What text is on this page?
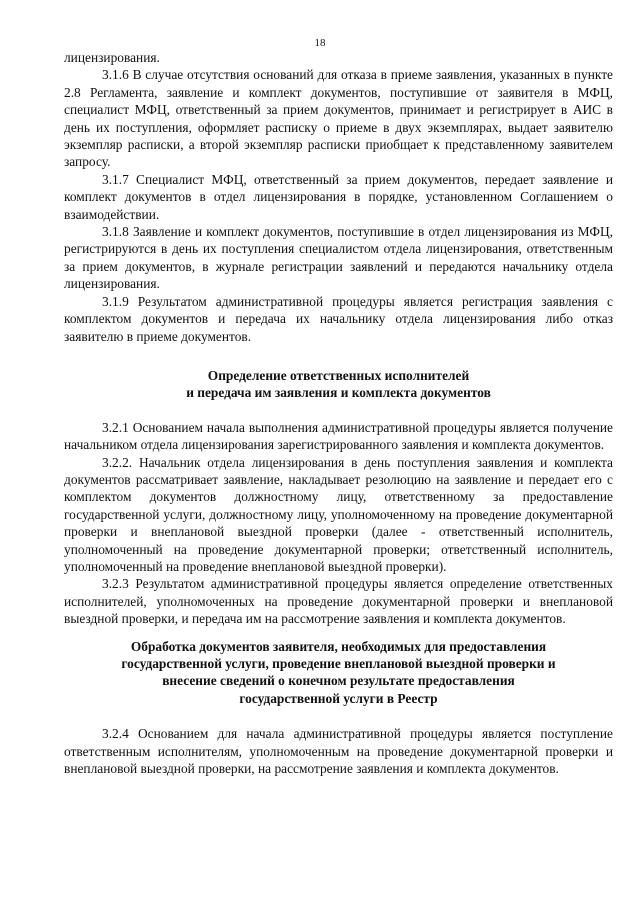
18

лицензирования.

3.1.6 В случае отсутствия оснований для отказа в приеме заявления, указанных в пункте 2.8 Регламента, заявление и комплект документов, поступившие от заявителя в МФЦ, специалист МФЦ, ответственный за прием документов, принимает и регистрирует в АИС в день их поступления, оформляет расписку о приеме в двух экземплярах, выдает заявителю экземпляр расписки, а второй экземпляр расписки приобщает к представленному заявителем запросу.

3.1.7 Специалист МФЦ, ответственный за прием документов, передает заявление и комплект документов в отдел лицензирования в порядке, установленном Соглашением о взаимодействии.

3.1.8 Заявление и комплект документов, поступившие в отдел лицензирования из МФЦ, регистрируются в день их поступления специалистом отдела лицензирования, ответственным за прием документов, в журнале регистрации заявлений и передаются начальнику отдела лицензирования.

3.1.9 Результатом административной процедуры является регистрация заявления с комплектом документов и передача их начальнику отдела лицензирования либо отказ заявителю в приеме документов.

Определение ответственных исполнителей
и передача им заявления и комплекта документов

3.2.1 Основанием начала выполнения административной процедуры является получение начальником отдела лицензирования зарегистрированного заявления и комплекта документов.

3.2.2. Начальник отдела лицензирования в день поступления заявления и комплекта документов рассматривает заявление, накладывает резолюцию на заявление и передает его с комплектом документов должностному лицу, ответственному за предоставление государственной услуги, должностному лицу, уполномоченному на проведение документарной проверки и внеплановой выездной проверки (далее - ответственный исполнитель, уполномоченный на проведение документарной проверки; ответственный исполнитель, уполномоченный на проведение внеплановой выездной проверки).

3.2.3 Результатом административной процедуры является определение ответственных исполнителей, уполномоченных на проведение документарной проверки и внеплановой выездной проверки, и передача им на рассмотрение заявления и комплекта документов.

Обработка документов заявителя, необходимых для предоставления
государственной услуги, проведение внеплановой выездной проверки и
внесение сведений о конечном результате предоставления
государственной услуги в Реестр

3.2.4 Основанием для начала административной процедуры является поступление ответственным исполнителям, уполномоченным на проведение документарной проверки и внеплановой выездной проверки, на рассмотрение заявления и комплекта документов.
